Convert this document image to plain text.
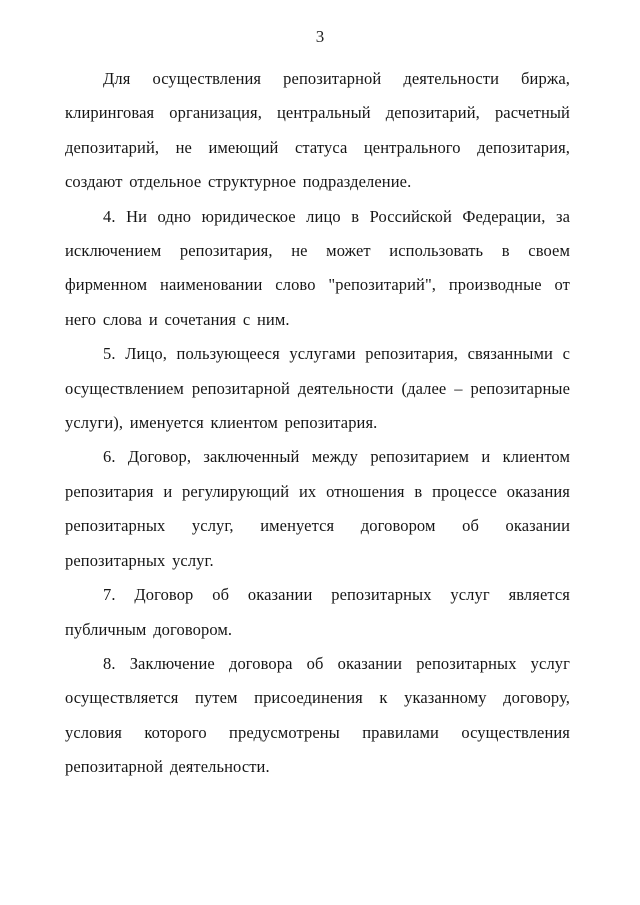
3

Для осуществления репозитарной деятельности биржа, клиринговая организация, центральный депозитарий, расчетный депозитарий, не имеющий статуса центрального депозитария, создают отдельное структурное подразделение.

4. Ни одно юридическое лицо в Российской Федерации, за исключением репозитария, не может использовать в своем фирменном наименовании слово "репозитарий", производные от него слова и сочетания с ним.

5. Лицо, пользующееся услугами репозитария, связанными с осуществлением репозитарной деятельности (далее – репозитарные услуги), именуется клиентом репозитария.

6. Договор, заключенный между репозитарием и клиентом репозитария и регулирующий их отношения в процессе оказания репозитарных услуг, именуется договором об оказании репозитарных услуг.

7. Договор об оказании репозитарных услуг является публичным договором.

8. Заключение договора об оказании репозитарных услуг осуществляется путем присоединения к указанному договору, условия которого предусмотрены правилами осуществления репозитарной деятельности.
